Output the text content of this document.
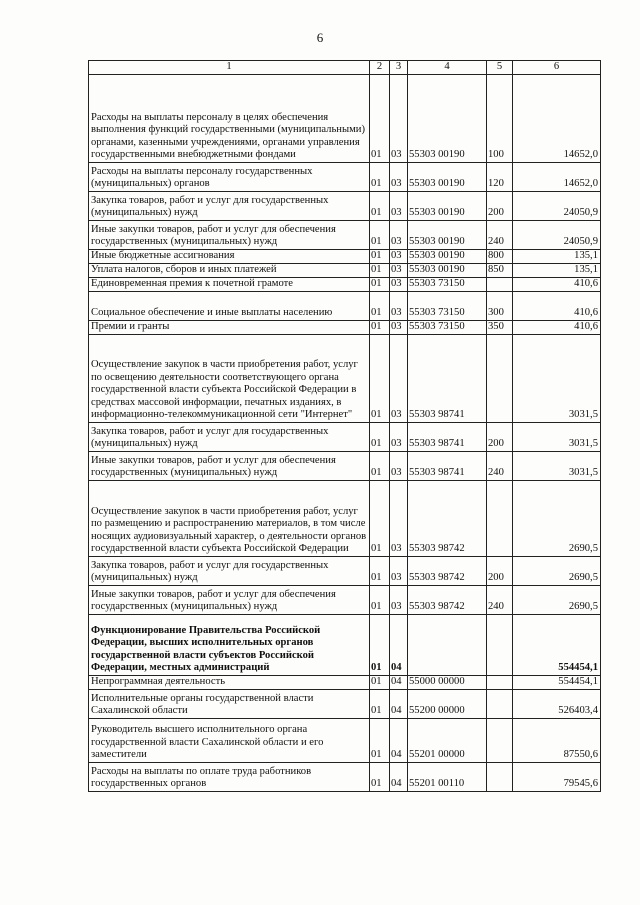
6
1	2	3	4	5	6
Расходы на выплаты персоналу в целях обеспечения выполнения функций государственными (муниципальными) органами, казенными учреждениями, органами управления государственными внебюджетными фондами	01	03	55303 00190	100	14652,0
Расходы на выплаты персоналу государственных (муниципальных) органов	01	03	55303 00190	120	14652,0
Закупка товаров, работ и услуг для государственных (муниципальных) нужд	01	03	55303 00190	200	24050,9
Иные закупки товаров, работ и услуг для обеспечения государственных (муниципальных) нужд	01	03	55303 00190	240	24050,9
Иные бюджетные ассигнования	01	03	55303 00190	800	135,1
Уплата налогов, сборов и иных платежей	01	03	55303 00190	850	135,1
Единовременная премия к почетной грамоте	01	03	55303 73150		410,6
Социальное обеспечение и иные выплаты населению	01	03	55303 73150	300	410,6
Премии и гранты	01	03	55303 73150	350	410,6
Осуществление закупок в части приобретения работ, услуг по освещению деятельности соответствующего органа государственной власти субъекта Российской Федерации в средствах массовой информации, печатных изданиях, в информационно-телекоммуникационной сети "Интернет"	01	03	55303 98741		3031,5
Закупка товаров, работ и услуг для государственных (муниципальных) нужд	01	03	55303 98741	200	3031,5
Иные закупки товаров, работ и услуг для обеспечения государственных (муниципальных) нужд	01	03	55303 98741	240	3031,5
Осуществление закупок в части приобретения работ, услуг по размещению и распространению материалов, в том числе носящих аудиовизуальный характер, о деятельности органов государственной власти субъекта Российской Федерации	01	03	55303 98742		2690,5
Закупка товаров, работ и услуг для государственных (муниципальных) нужд	01	03	55303 98742	200	2690,5
Иные закупки товаров, работ и услуг для обеспечения государственных (муниципальных) нужд	01	03	55303 98742	240	2690,5
Функционирование Правительства Российской Федерации, высших исполнительных органов государственной власти субъектов Российской Федерации, местных администраций	01	04			554454,1
Непрограммная деятельность	01	04	55000 00000		554454,1
Исполнительные органы государственной власти Сахалинской области	01	04	55200 00000		526403,4
Руководитель высшего исполнительного органа государственной власти Сахалинской области и его заместители	01	04	55201 00000		87550,6
Расходы на выплаты по оплате труда работников государственных органов	01	04	55201 00110		79545,6
